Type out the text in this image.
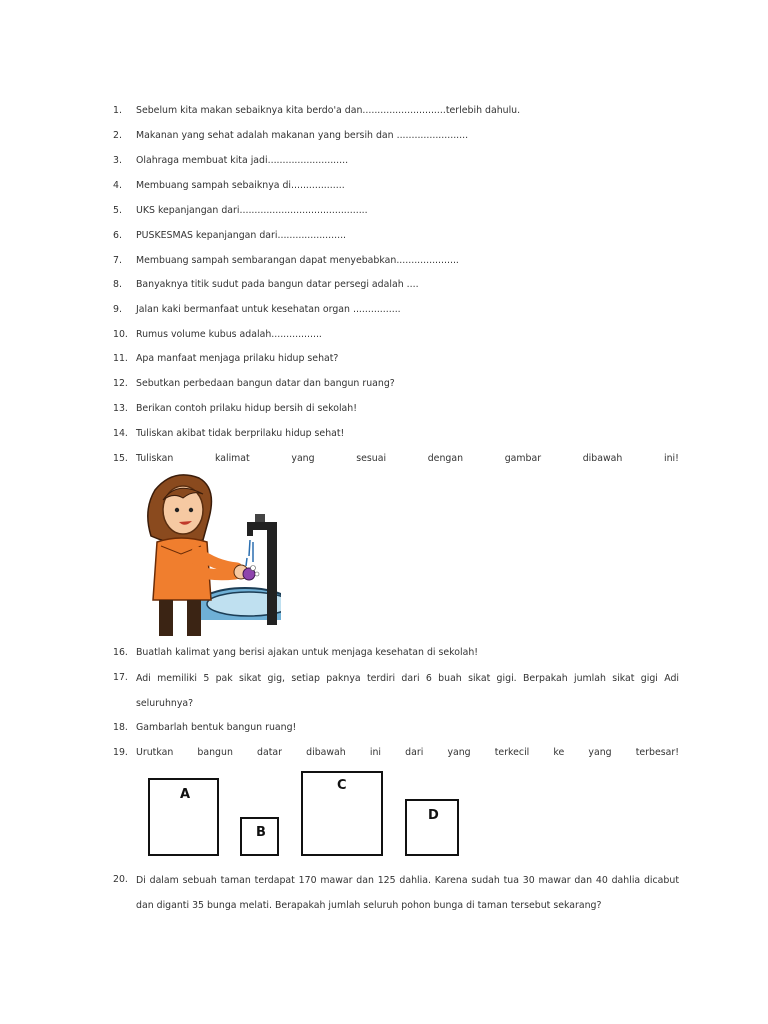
1. Sebelum kita makan sebaiknya kita berdo'a dan............................terlebih dahulu.
2. Makanan yang sehat adalah makanan yang bersih dan ........................
3. Olahraga membuat kita jadi...........................
4. Membuang sampah sebaiknya di..................
5. UKS kepanjangan dari...........................................
6. PUSKESMAS kepanjangan dari.......................
7. Membuang sampah sembarangan dapat menyebabkan.....................
8. Banyaknya titik sudut pada bangun datar persegi adalah ....
9. Jalan kaki bermanfaat untuk kesehatan organ ................
10. Rumus volume kubus adalah.................
11. Apa manfaat menjaga prilaku hidup sehat?
12. Sebutkan perbedaan bangun datar dan bangun ruang?
13. Berikan contoh prilaku hidup bersih di sekolah!
14. Tuliskan akibat tidak berprilaku hidup sehat!
15. Tuliskan	kalimat	yang	sesuai	dengan	gambar	dibawah	ini!
16. Buatlah kalimat yang berisi ajakan untuk menjaga kesehatan di sekolah!
17. Adi memiliki 5 pak sikat gig, setiap paknya terdiri dari 6 buah sikat gigi. Berpakah jumlah sikat gigi Adi seluruhnya?
18. Gambarlah bentuk bangun ruang!
19. Urutkan	bangun	datar	dibawah	ini	dari	yang	terkecil	ke	yang	terbesar!
A
B
C
D
20. Di dalam sebuah taman terdapat 170 mawar dan 125 dahlia. Karena sudah tua 30 mawar dan 40 dahlia dicabut dan diganti 35 bunga melati. Berapakah jumlah seluruh pohon bunga di taman tersebut sekarang?
